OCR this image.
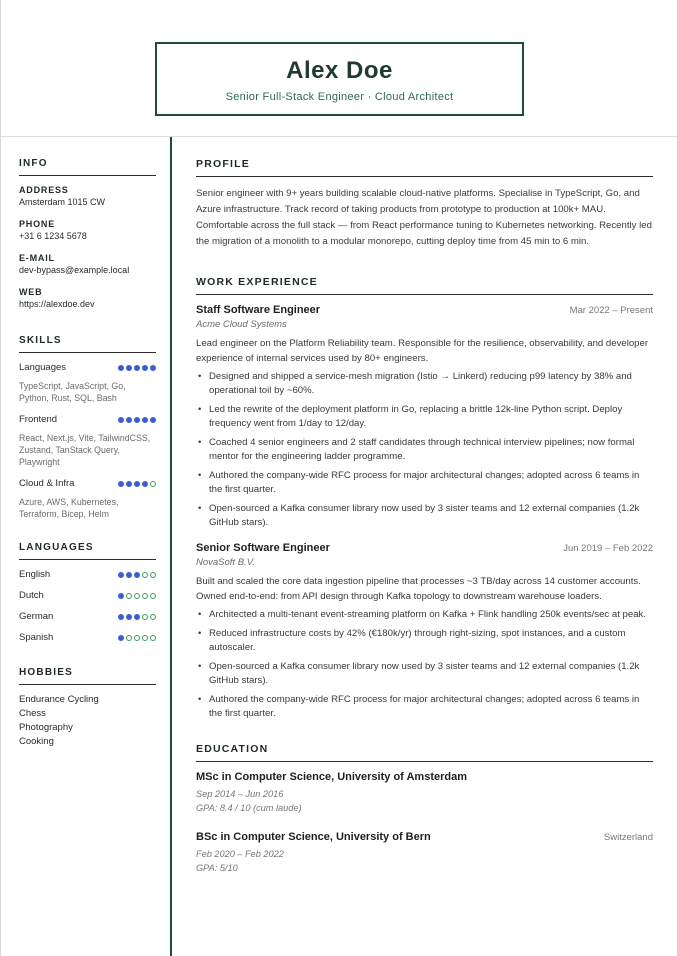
Alex Doe
Senior Full-Stack Engineer · Cloud Architect
INFO
ADDRESS
Amsterdam 1015 CW
PHONE
+31 6 1234 5678
E-MAIL
dev-bypass@example.local
WEB
https://alexdoe.dev
SKILLS
Languages
TypeScript, JavaScript, Go, Python, Rust, SQL, Bash
Frontend
React, Next.js, Vite, TailwindCSS, Zustand, TanStack Query, Playwright
Cloud & Infra
Azure, AWS, Kubernetes, Terraform, Bicep, Helm
LANGUAGES
English
Dutch
German
Spanish
HOBBIES
Endurance Cycling
Chess
Photography
Cooking
PROFILE
Senior engineer with 9+ years building scalable cloud-native platforms. Specialise in TypeScript, Go, and Azure infrastructure. Track record of taking products from prototype to production at 100k+ MAU. Comfortable across the full stack — from React performance tuning to Kubernetes networking. Recently led the migration of a monolith to a modular monorepo, cutting deploy time from 45 min to 6 min.
WORK EXPERIENCE
Staff Software Engineer	Mar 2022 – Present
Acme Cloud Systems
Lead engineer on the Platform Reliability team. Responsible for the resilience, observability, and developer experience of internal services used by 80+ engineers.
• Designed and shipped a service-mesh migration (Istio → Linkerd) reducing p99 latency by 38% and operational toil by ~60%.
• Led the rewrite of the deployment platform in Go, replacing a brittle 12k-line Python script. Deploy frequency went from 1/day to 12/day.
• Coached 4 senior engineers and 2 staff candidates through technical interview pipelines; now formal mentor for the engineering ladder programme.
• Authored the company-wide RFC process for major architectural changes; adopted across 6 teams in the first quarter.
• Open-sourced a Kafka consumer library now used by 3 sister teams and 12 external companies (1.2k GitHub stars).
Senior Software Engineer	Jun 2019 – Feb 2022
NovaSoft B.V.
Built and scaled the core data ingestion pipeline that processes ~3 TB/day across 14 customer accounts. Owned end-to-end: from API design through Kafka topology to downstream warehouse loaders.
• Architected a multi-tenant event-streaming platform on Kafka + Flink handling 250k events/sec at peak.
• Reduced infrastructure costs by 42% (€180k/yr) through right-sizing, spot instances, and a custom autoscaler.
• Open-sourced a Kafka consumer library now used by 3 sister teams and 12 external companies (1.2k GitHub stars).
• Authored the company-wide RFC process for major architectural changes; adopted across 6 teams in the first quarter.
EDUCATION
MSc in Computer Science, University of Amsterdam
Sep 2014 – Jun 2016
GPA: 8.4 / 10 (cum laude)
BSc in Computer Science, University of Bern	Switzerland
Feb 2020 – Feb 2022
GPA: 5/10
